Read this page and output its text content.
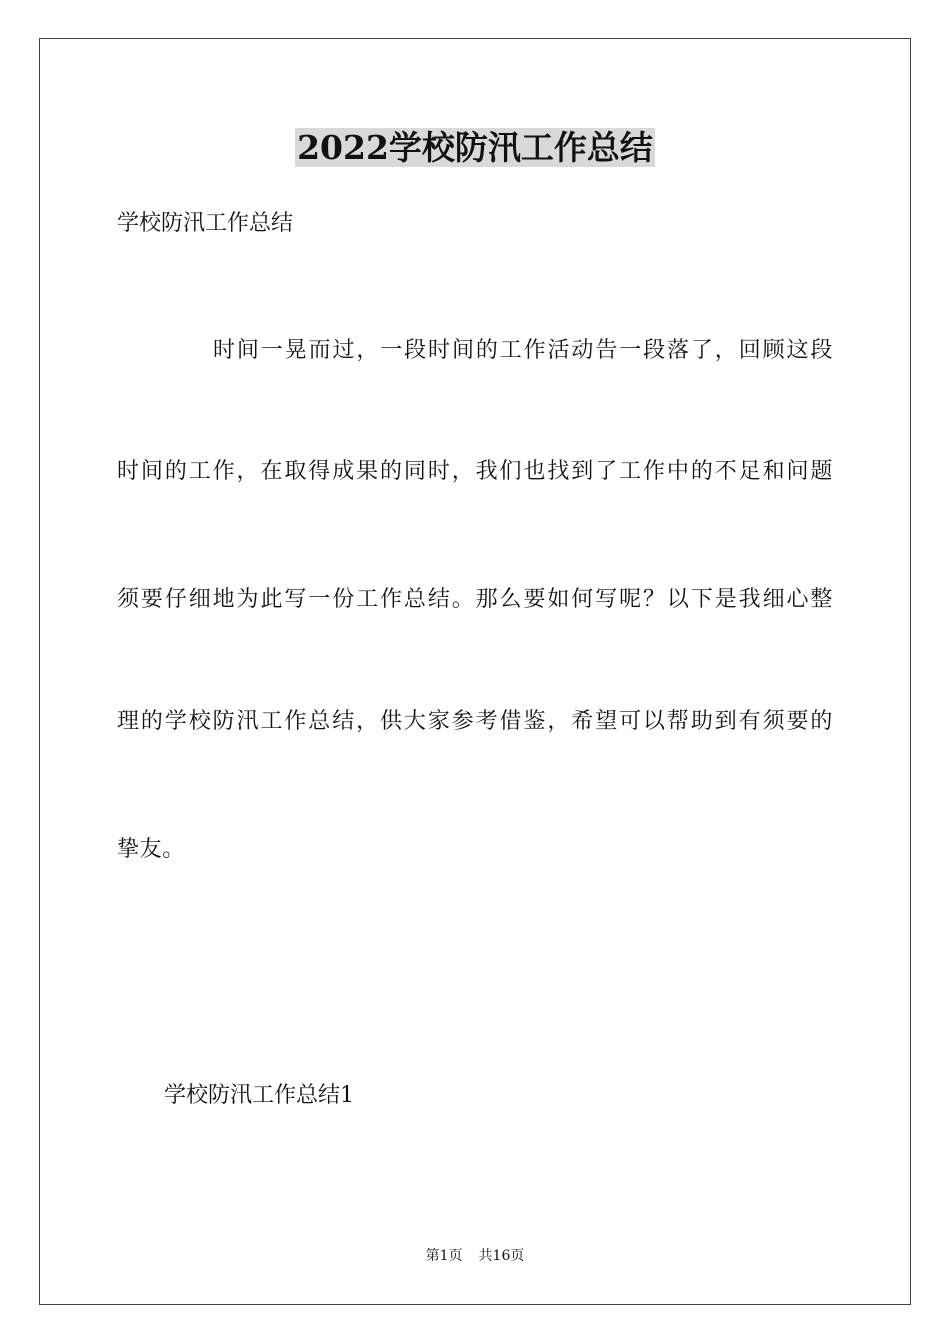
2022学校防汛工作总结
学校防汛工作总结
时间一晃而过，一段时间的工作活动告一段落了，回顾这段
时间的工作，在取得成果的同时，我们也找到了工作中的不足和问题
须要仔细地为此写一份工作总结。那么要如何写呢？以下是我细心整
理的学校防汛工作总结，供大家参考借鉴，希望可以帮助到有须要的
挚友。
学校防汛工作总结1
第1页 共16页
